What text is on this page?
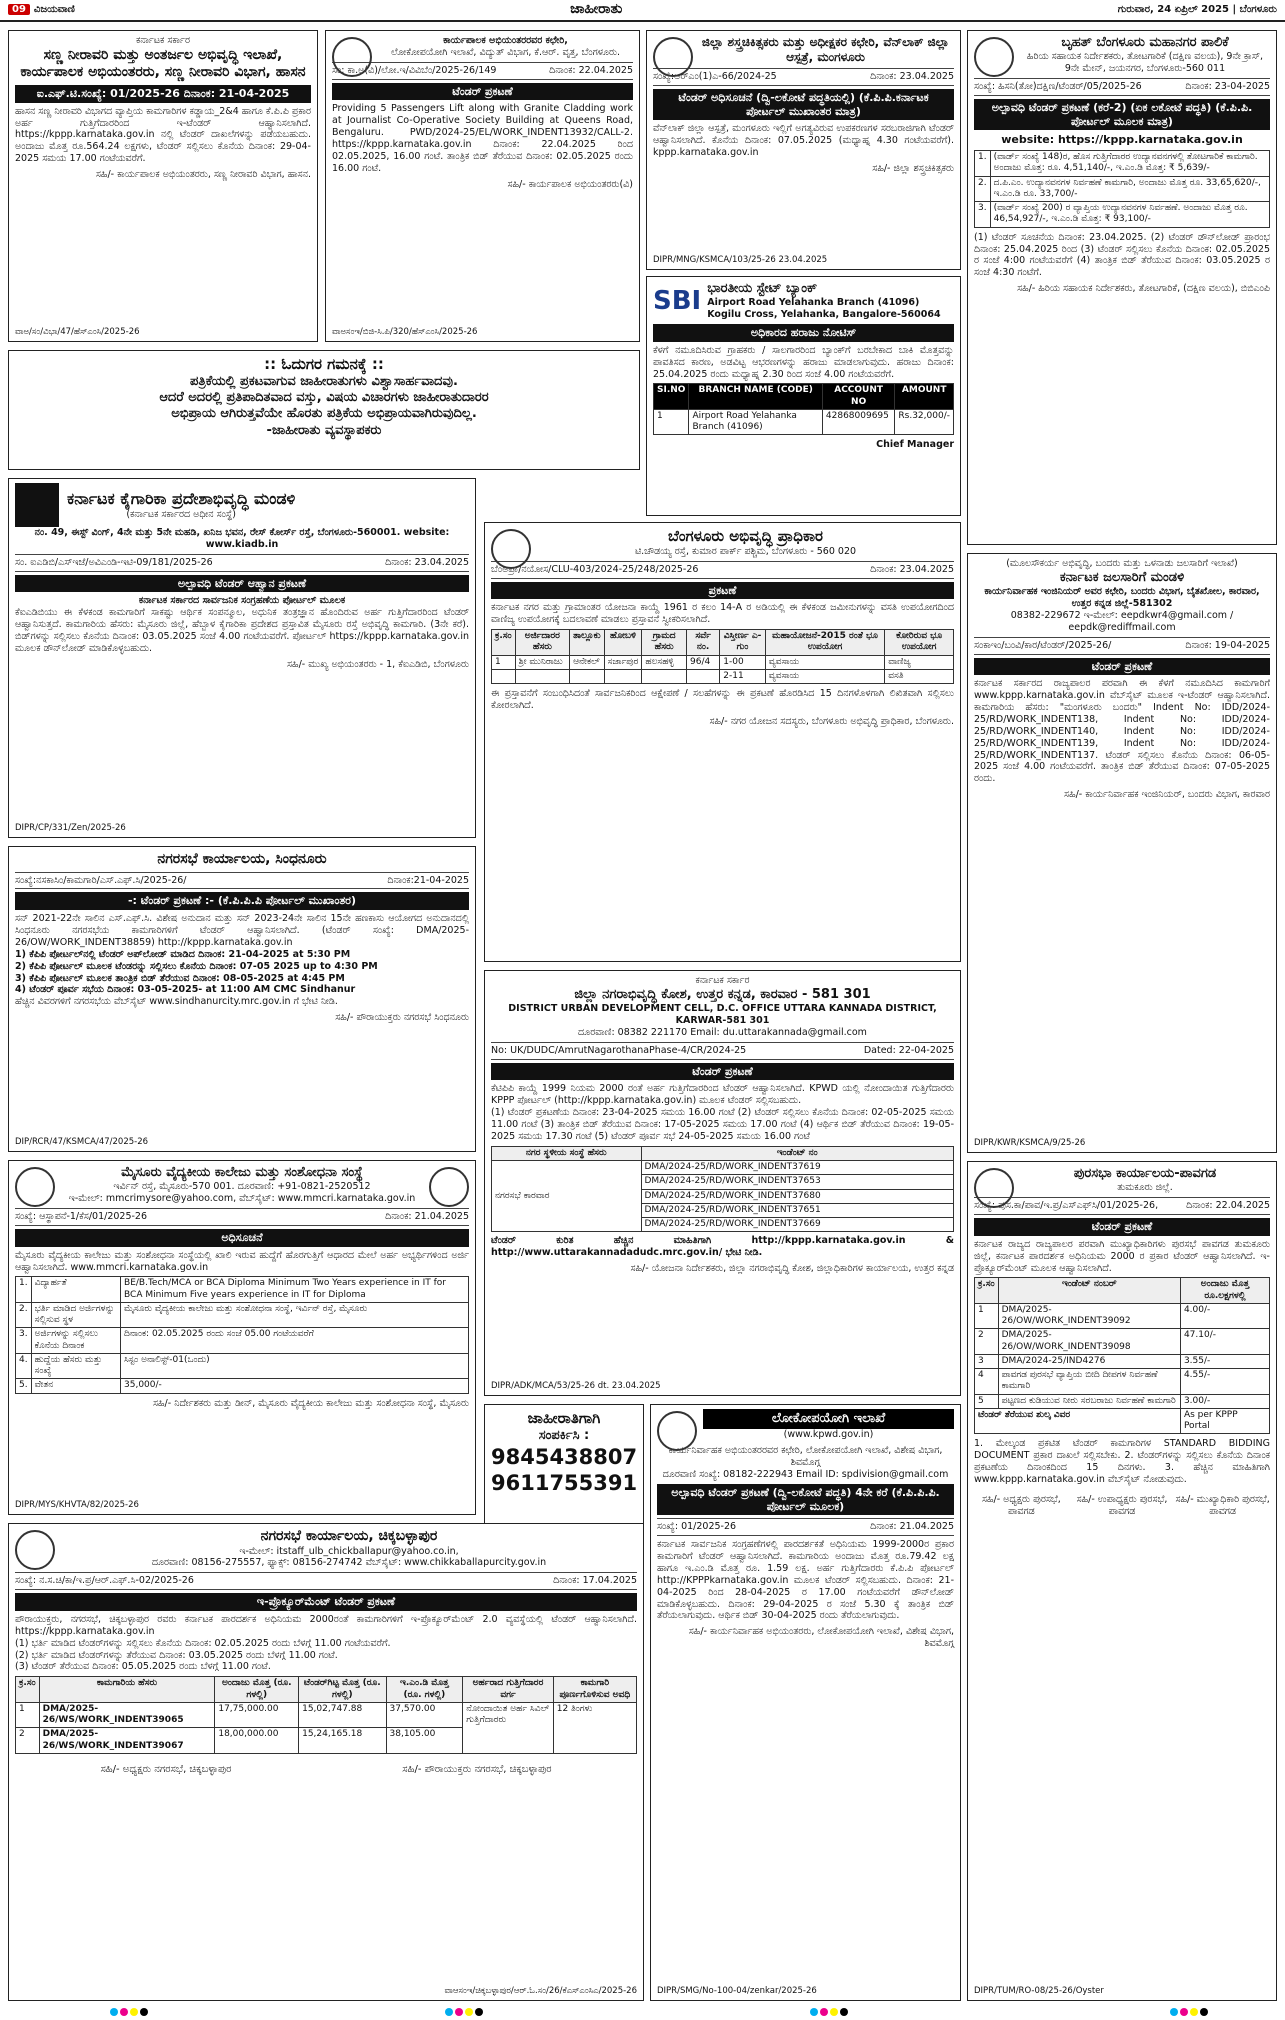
09 ವಿಜಯವಾಣಿ	ಜಾಹೀರಾತು	ಗುರುವಾರ, 24 ಏಪ್ರಿಲ್ 2025 | ಬೆಂಗಳೂರು
ಕರ್ನಾಟಕ ಸರ್ಕಾರ
ಸಣ್ಣ ನೀರಾವರಿ ಮತ್ತು ಅಂತರ್ಜಲ ಅಭಿವೃದ್ಧಿ ಇಲಾಖೆ, ಕಾರ್ಯಪಾಲಕ ಅಭಿಯಂತರರು, ಸಣ್ಣ ನೀರಾವರಿ ವಿಭಾಗ, ಹಾಸನ
ಐ.ಎಫ್.ಟಿ.ಸಂಖ್ಯೆ: 01/2025-26 ದಿನಾಂಕ: 21-04-2025
ಹಾಸನ ಸಣ್ಣ ನೀರಾವರಿ ವಿಭಾಗದ ವ್ಯಾಪ್ತಿಯ ಕಾಮಗಾರಿಗಳ ಕಡ್ಡಾಯ_2&4 ಹಾಗೂ ಕೆ.ಪಿ.ಪಿ ಪ್ರಕಾರ ಅರ್ಹ ಗುತ್ತಿಗೆದಾರರಿಂದ ಇ-ಟೆಂಡರ್ ಆಹ್ವಾನಿಸಲಾಗಿದೆ. https://kppp.karnataka.gov.in ನಲ್ಲಿ ಟೆಂಡರ್ ದಾಖಲೆಗಳನ್ನು ಪಡೆಯಬಹುದು. ಅಂದಾಜು ಮೊತ್ತ ರೂ.564.24 ಲಕ್ಷಗಳು, ಟೆಂಡರ್ ಸಲ್ಲಿಸಲು ಕೊನೆಯ ದಿನಾಂಕ: 29-04-2025 ಸಮಯ 17.00 ಗಂಟೆಯವರೆಗೆ.
ಸಹಿ/- ಕಾರ್ಯಪಾಲಕ ಅಭಿಯಂತರರು, ಸಣ್ಣ ನೀರಾವರಿ ವಿಭಾಗ, ಹಾಸನ.
ವಾಅ/ಸಂ/ವಿಭಾ/47/ಹೆಸ್‌ಎಂಸಿ/2025-26
ಕಾರ್ಯಪಾಲಕ ಅಭಿಯಂತರರವರ ಕಛೇರಿ,
ಲೋಕೋಪಯೋಗಿ ಇಲಾಖೆ, ವಿದ್ಯುತ್ ವಿಭಾಗ, ಕೆ.ಆರ್. ವೃತ್ತ, ಬೆಂಗಳೂರು.
ಸಂ: ಕಾ.ಅ(ವಿ)/ಲೋ.ಇ/ವಿವಿಬೆಂ/2025-26/149	ದಿನಾಂಕ: 22.04.2025
ಟೆಂಡರ್ ಪ್ರಕಟಣೆ
Providing 5 Passengers Lift along with Granite Cladding work at Journalist Co-Operative Society Building at Queens Road, Bengaluru. PWD/2024-25/EL/WORK_INDENT13932/CALL-2. https://kppp.karnataka.gov.in ದಿನಾಂಕ: 22.04.2025 ರಿಂದ 02.05.2025, 16.00 ಗಂಟೆ. ತಾಂತ್ರಿಕ ಬಿಡ್ ತೆರೆಯುವ ದಿನಾಂಕ: 02.05.2025 ರಂದು 16.00 ಗಂಟೆ.
ಸಹಿ/- ಕಾರ್ಯಪಾಲಕ ಅಭಿಯಂತರರು(ವಿ)
ವಾಅಸಂಇ/ಬಿಜಿ-ಸಿ.ಪಿ/320/ಹೆಸ್‌ಎಂಸಿ/2025-26
ಜಿಲ್ಲಾ ಶಸ್ತ್ರಚಿಕಿತ್ಸಕರು ಮತ್ತು ಅಧೀಕ್ಷಕರ ಕಛೇರಿ, ವೆನ್‌ಲಾಕ್ ಜಿಲ್ಲಾ ಆಸ್ಪತ್ರೆ, ಮಂಗಳೂರು
ಸಂಖ್ಯೆ:ಆರ್‌ಎಂ(1)ಎ-66/2024-25	ದಿನಾಂಕ: 23.04.2025
ಟೆಂಡರ್ ಅಧಿಸೂಚನೆ (ದ್ವಿ-ಲಕೋಟೆ ಪದ್ಧತಿಯಲ್ಲಿ) (ಕೆ.ಪಿ.ಪಿ.ಕರ್ನಾಟಕ ಪೋರ್ಟಲ್ ಮುಖಾಂತರ ಮಾತ್ರ)
ವೆನ್‌ಲಾಕ್ ಜಿಲ್ಲಾ ಆಸ್ಪತ್ರೆ, ಮಂಗಳೂರು ಇಲ್ಲಿಗೆ ಅಗತ್ಯವಿರುವ ಉಪಕರಣಗಳ ಸರಬರಾಜಿಗಾಗಿ ಟೆಂಡರ್ ಆಹ್ವಾನಿಸಲಾಗಿದೆ. ಕೊನೆಯ ದಿನಾಂಕ: 07.05.2025 (ಮಧ್ಯಾಹ್ನ 4.30 ಗಂಟೆಯವರೆಗೆ). kppp.karnataka.gov.in
ಸಹಿ/- ಜಿಲ್ಲಾ ಶಸ್ತ್ರಚಿಕಿತ್ಸಕರು
DIPR/MNG/KSMCA/103/25-26 23.04.2025
ಬೃಹತ್ ಬೆಂಗಳೂರು ಮಹಾನಗರ ಪಾಲಿಕೆ
ಹಿರಿಯ ಸಹಾಯಕ ನಿರ್ದೇಶಕರು, ತೋಟಗಾರಿಕೆ (ದಕ್ಷಿಣ ವಲಯ), 9ನೇ ಕ್ರಾಸ್, 9ನೇ ಮೇನ್, ಜಯನಗರ, ಬೆಂಗಳೂರು-560 011
ಸಂಖ್ಯೆ: ಹಿಸನಿ(ತೋ)ದಕ್ಷಿಣ/ಟೆಂಡರ್/05/2025-26	ದಿನಾಂಕ: 23-04-2025
ಅಲ್ಪಾವಧಿ ಟೆಂಡರ್ ಪ್ರಕಟಣೆ (ಕರೆ-2) (ಏಕ ಲಕೋಟೆ ಪದ್ಧತಿ) (ಕೆ.ಪಿ.ಪಿ. ಪೋರ್ಟಲ್ ಮೂಲಕ ಮಾತ್ರ)
website: https://kppp.karnataka.gov.in
1.	(ವಾರ್ಡ್ ಸಂಖ್ಯೆ 148)ರ, ಹೊಸ ಗುತ್ತಿಗೆದಾರರ ಉದ್ಯಾನವನಗಳಲ್ಲಿ ತೋಟಗಾರಿಕೆ ಕಾಮಗಾರಿ. ಅಂದಾಜು ಮೊತ್ತ: ರೂ. 4,51,140/-, ಇ.ಎಂ.ಡಿ ಮೊತ್ತ: ₹ 5,639/-
2.	ದ.ಪಿ.ಎಂ. ಉದ್ಯಾನವನಗಳ ನಿರ್ವಹಣೆ ಕಾಮಗಾರಿ, ಅಂದಾಜು ಮೊತ್ತ ರೂ. 33,65,620/-, ಇ.ಎಂ.ಡಿ ರೂ. 33,700/-
3.	(ವಾರ್ಡ್ ಸಂಖ್ಯೆ 200) ರ ವ್ಯಾಪ್ತಿಯ ಉದ್ಯಾನವನಗಳ ನಿರ್ವಹಣೆ. ಅಂದಾಜು ಮೊತ್ತ ರೂ. 46,54,927/-, ಇ.ಎಂ.ಡಿ ಮೊತ್ತ: ₹ 93,100/-
(1) ಟೆಂಡರ್ ಸೂಚನೆಯ ದಿನಾಂಕ: 23.04.2025. (2) ಟೆಂಡರ್ ಡೌನ್‌ಲೋಡ್ ಪ್ರಾರಂಭ ದಿನಾಂಕ: 25.04.2025 ರಿಂದ (3) ಟೆಂಡರ್ ಸಲ್ಲಿಸಲು ಕೊನೆಯ ದಿನಾಂಕ: 02.05.2025 ರ ಸಂಜೆ 4:00 ಗಂಟೆಯವರೆಗೆ (4) ತಾಂತ್ರಿಕ ಬಿಡ್ ತೆರೆಯುವ ದಿನಾಂಕ: 03.05.2025 ರ ಸಂಜೆ 4:30 ಗಂಟೆಗೆ.
ಸಹಿ/- ಹಿರಿಯ ಸಹಾಯಕ ನಿರ್ದೇಶಕರು, ತೋಟಗಾರಿಕೆ, (ದಕ್ಷಿಣ ವಲಯ), ಬಿಬಿಎಂಪಿ
SBI ಭಾರತೀಯ ಸ್ಟೇಟ್ ಬ್ಯಾಂಕ್
Airport Road Yelahanka Branch (41096)
Kogilu Cross, Yelahanka, Bangalore-560064
ಅಧಿಕಾರದ ಹರಾಜು ನೋಟಿಸ್
ಕೆಳಗೆ ನಮೂದಿಸಿರುವ ಗ್ರಾಹಕರು / ಸಾಲಗಾರರಿಂದ ಬ್ಯಾಂಕ್‌ಗೆ ಬರಬೇಕಾದ ಬಾಕಿ ಮೊತ್ತವನ್ನು ಪಾವತಿಸದ ಕಾರಣ, ಅಡವಿಟ್ಟ ಆಭರಣಗಳನ್ನು ಹರಾಜು ಮಾಡಲಾಗುವುದು. ಹರಾಜು ದಿನಾಂಕ: 25.04.2025 ರಂದು ಮಧ್ಯಾಹ್ನ 2.30 ರಿಂದ ಸಂಜೆ 4.00 ಗಂಟೆಯವರೆಗೆ.
SI.NO	BRANCH NAME (CODE)	ACCOUNT NO	AMOUNT
1	Airport Road Yelahanka Branch (41096)	42868009695	Rs.32,000/-
Chief Manager
:: ಓದುಗರ ಗಮನಕ್ಕೆ ::
ಪತ್ರಿಕೆಯಲ್ಲಿ ಪ್ರಕಟವಾಗುವ ಜಾಹೀರಾತುಗಳು ವಿಶ್ವಾಸಾರ್ಹವಾದವು.
ಆದರೆ ಅದರಲ್ಲಿ ಪ್ರತಿಪಾದಿತವಾದ ವಸ್ತು, ವಿಷಯ ವಿಚಾರಗಳು ಜಾಹೀರಾತುದಾರರ
ಅಭಿಪ್ರಾಯ ಆಗಿರುತ್ತವೆಯೇ ಹೊರತು ಪತ್ರಿಕೆಯ ಅಭಿಪ್ರಾಯವಾಗಿರುವುದಿಲ್ಲ.
-ಜಾಹೀರಾತು ವ್ಯವಸ್ಥಾಪಕರು
ಕರ್ನಾಟಕ ಕೈಗಾರಿಕಾ ಪ್ರದೇಶಾಭಿವೃದ್ಧಿ ಮಂಡಳಿ
(ಕರ್ನಾಟಕ ಸರ್ಕಾರದ ಅಧೀನ ಸಂಸ್ಥೆ)
ನಂ. 49, ಈಸ್ಟ್ ವಿಂಗ್, 4ನೇ ಮತ್ತು 5ನೇ ಮಹಡಿ, ಖನಿಜ ಭವನ, ರೇಸ್ ಕೋರ್ಸ್ ರಸ್ತೆ, ಬೆಂಗಳೂರು-560001. website: www.kiadb.in
ಸಂ. ಐಎಡಿಬಿ/ಎಸ್‌ಇಜೆ/ಅವಿಎಂಡಿ-ಇಟಿ-09/181/2025-26	ದಿನಾಂಕ: 23.04.2025
ಅಲ್ಪಾವಧಿ ಟೆಂಡರ್ ಆಹ್ವಾನ ಪ್ರಕಟಣೆ
ಕರ್ನಾಟಕ ಸರ್ಕಾರದ ಸಾರ್ವಜನಿಕ ಸಂಗ್ರಹಣೆಯ ಪೋರ್ಟಲ್ ಮೂಲಕ
ಕೆಐಎಡಿಬಿಯು ಈ ಕೆಳಕಂಡ ಕಾಮಗಾರಿಗೆ ಸಾಕಷ್ಟು ಆರ್ಥಿಕ ಸಂಪನ್ಮೂಲ, ಅಧುನಿಕ ತಂತ್ರಜ್ಞಾನ ಹೊಂದಿರುವ ಅರ್ಹ ಗುತ್ತಿಗೆದಾರರಿಂದ ಟೆಂಡರ್ ಆಹ್ವಾನಿಸುತ್ತದೆ. ಕಾಮಗಾರಿಯ ಹೆಸರು: ಮೈಸೂರು ಜಿಲ್ಲೆ, ಹೆಬ್ಬಾಳ ಕೈಗಾರಿಕಾ ಪ್ರದೇಶದ ಪ್ರಸ್ತಾವಿತ ಮೈಸೂರು ರಸ್ತೆ ಅಭಿವೃದ್ಧಿ ಕಾಮಗಾರಿ. (3ನೇ ಕರೆ). ಬಿಡ್‌ಗಳನ್ನು ಸಲ್ಲಿಸಲು ಕೊನೆಯ ದಿನಾಂಕ: 03.05.2025 ಸಂಜೆ 4.00 ಗಂಟೆಯವರೆಗೆ. ಪೋರ್ಟಲ್ https://kppp.karnataka.gov.in ಮೂಲಕ ಡೌನ್‌ಲೋಡ್ ಮಾಡಿಕೊಳ್ಳಬಹುದು.
ಸಹಿ/- ಮುಖ್ಯ ಅಭಿಯಂತರರು - 1, ಕೆಐಎಡಿಬಿ, ಬೆಂಗಳೂರು
DIPR/CP/331/Zen/2025-26
ಬೆಂಗಳೂರು ಅಭಿವೃದ್ಧಿ ಪ್ರಾಧಿಕಾರ
ಟಿ.ಚೌಡಯ್ಯ ರಸ್ತೆ, ಕುಮಾರ ಪಾರ್ಕ್ ಪಶ್ಚಿಮ, ಬೆಂಗಳೂರು - 560 020
ಬೆಂಅಪ್ರಾ/ನಯೋಸ/CLU-403/2024-25/248/2025-26	ದಿನಾಂಕ: 23.04.2025
ಪ್ರಕಟಣೆ
ಕರ್ನಾಟಕ ನಗರ ಮತ್ತು ಗ್ರಾಮಾಂತರ ಯೋಜನಾ ಕಾಯ್ದೆ 1961 ರ ಕಲಂ 14-A ರ ಅಡಿಯಲ್ಲಿ ಈ ಕೆಳಕಂಡ ಜಮೀನುಗಳನ್ನು ವಸತಿ ಉಪಯೋಗದಿಂದ ವಾಣಿಜ್ಯ ಉಪಯೋಗಕ್ಕೆ ಬದಲಾವಣೆ ಮಾಡಲು ಪ್ರಸ್ತಾವನೆ ಸ್ವೀಕರಿಸಲಾಗಿದೆ.
ಕ್ರ.ಸಂ	ಅರ್ಜಿದಾರರ ಹೆಸರು	ತಾಲ್ಲೂಕು	ಹೋಬಳಿ	ಗ್ರಾಮದ ಹೆಸರು	ಸರ್ವೆ ನಂ.	ವಿಸ್ತೀರ್ಣ ಎ-ಗುಂ	ಮಹಾಯೋಜನೆ-2015 ರಂತೆ ಭೂ ಉಪಯೋಗ	ಕೋರಿರುವ ಭೂ ಉಪಯೋಗ
1	ಶ್ರೀ ಮುನಿರಾಜು	ಆನೇಕಲ್	ಸರ್ಜಾಪುರ	ಹಲಸಹಳ್ಳಿ	96/4	1-00	ವ್ಯವಸಾಯ	ವಾಣಿಜ್ಯ
						2-11	ವ್ಯವಸಾಯ	ವಸತಿ
ಈ ಪ್ರಸ್ತಾವನೆಗೆ ಸಂಬಂಧಿಸಿದಂತೆ ಸಾರ್ವಜನಿಕರಿಂದ ಆಕ್ಷೇಪಣೆ / ಸಲಹೆಗಳನ್ನು ಈ ಪ್ರಕಟಣೆ ಹೊರಡಿಸಿದ 15 ದಿನಗಳೊಳಗಾಗಿ ಲಿಖಿತವಾಗಿ ಸಲ್ಲಿಸಲು ಕೋರಲಾಗಿದೆ.
ಸಹಿ/- ನಗರ ಯೋಜನ ಸದಸ್ಯರು, ಬೆಂಗಳೂರು ಅಭಿವೃದ್ಧಿ ಪ್ರಾಧಿಕಾರ, ಬೆಂಗಳೂರು.
(ಮೂಲಸೌಕರ್ಯ ಅಭಿವೃದ್ಧಿ, ಬಂದರು ಮತ್ತು ಒಳನಾಡು ಜಲಸಾರಿಗೆ ಇಲಾಖೆ)
ಕರ್ನಾಟಕ ಜಲಸಾರಿಗೆ ಮಂಡಳಿ
ಕಾರ್ಯನಿರ್ವಾಹಕ ಇಂಜಿನಿಯರ್ ಅವರ ಕಛೇರಿ, ಬಂದರು ವಿಭಾಗ, ಬೈತಖೋಲ, ಕಾರವಾರ, ಉತ್ತರ ಕನ್ನಡ ಜಿಲ್ಲೆ-581302
08382-229672 ಇ-ಮೇಲ್: eepdkwr4@gmail.com / eepdk@rediffmail.com
ಸಂಕಾಇಂ/ಬಂವಿ/ಕಾರ/ಟೆಂಡರ್/2025-26/	ದಿನಾಂಕ: 19-04-2025
ಟೆಂಡರ್ ಪ್ರಕಟಣೆ
ಕರ್ನಾಟಕ ಸರ್ಕಾರದ ರಾಜ್ಯಪಾಲರ ಪರವಾಗಿ ಈ ಕೆಳಗೆ ನಮೂದಿಸಿದ ಕಾಮಗಾರಿಗೆ www.kppp.karnataka.gov.in ವೆಬ್‌ಸೈಟ್ ಮೂಲಕ ಇ-ಟೆಂಡರ್ ಆಹ್ವಾನಿಸಲಾಗಿದೆ. ಕಾಮಗಾರಿಯ ಹೆಸರು: "ಮಂಗಳೂರು ಬಂದರು" Indent No: IDD/2024-25/RD/WORK_INDENT138, Indent No: IDD/2024-25/RD/WORK_INDENT140, Indent No: IDD/2024-25/RD/WORK_INDENT139, Indent No: IDD/2024-25/RD/WORK_INDENT137. ಟೆಂಡರ್ ಸಲ್ಲಿಸಲು ಕೊನೆಯ ದಿನಾಂಕ: 06-05-2025 ಸಂಜೆ 4.00 ಗಂಟೆಯವರೆಗೆ. ತಾಂತ್ರಿಕ ಬಿಡ್ ತೆರೆಯುವ ದಿನಾಂಕ: 07-05-2025 ರಂದು.
ಸಹಿ/- ಕಾರ್ಯನಿರ್ವಾಹಕ ಇಂಜಿನಿಯರ್, ಬಂದರು ವಿಭಾಗ, ಕಾರವಾರ
DIPR/KWR/KSMCA/9/25-26
ನಗರಸಭೆ ಕಾರ್ಯಾಲಯ, ಸಿಂಧನೂರು
ಸಂಖ್ಯೆ:ನಸಕಾಸಿಂ/ಕಾಮಗಾರಿ/ಎಸ್.ಎಫ್.ಸಿ/2025-26/	ದಿನಾಂಕ:21-04-2025
-: ಟೆಂಡರ್ ಪ್ರಕಟಣೆ :- (ಕೆ.ಪಿ.ಪಿ.ಪಿ ಪೋರ್ಟಲ್ ಮುಖಾಂತರ)
ಸನ್ 2021-22ನೇ ಸಾಲಿನ ಎಸ್.ಎಫ್.ಸಿ. ವಿಶೇಷ ಅನುದಾನ ಮತ್ತು ಸನ್ 2023-24ನೇ ಸಾಲಿನ 15ನೇ ಹಣಕಾಸು ಆಯೋಗದ ಅನುದಾನದಲ್ಲಿ ಸಿಂಧನೂರು ನಗರಸಭೆಯ ಕಾಮಗಾರಿಗಳಿಗೆ ಟೆಂಡರ್ ಆಹ್ವಾನಿಸಲಾಗಿದೆ. (ಟೆಂಡರ್ ಸಂಖ್ಯೆ: DMA/2025-26/OW/WORK_INDENT38859) http://kppp.karnataka.gov.in
1) ಕೆಪಿಪಿ ಪೋರ್ಟಲ್‌ನಲ್ಲಿ ಟೆಂಡರ್ ಅಪ್‌ಲೋಡ್ ಮಾಡಿದ ದಿನಾಂಕ: 21-04-2025 at 5:30 PM
2) ಕೆಪಿಪಿ ಪೋರ್ಟಲ್ ಮೂಲಕ ಟೆಂಡರನ್ನು ಸಲ್ಲಿಸಲು ಕೊನೆಯ ದಿನಾಂಕ: 07-05 2025 up to 4:30 PM
3) ಕೆಪಿಪಿ ಪೋರ್ಟಲ್ ಮೂಲಕ ತಾಂತ್ರಿಕ ಬಿಡ್ ತೆರೆಯುವ ದಿನಾಂಕ: 08-05-2025 at 4:45 PM
4) ಟೆಂಡರ್ ಪೂರ್ವ ಸಭೆಯ ದಿನಾಂಕ: 03-05-2025- at 11:00 AM CMC Sindhanur
ಹೆಚ್ಚಿನ ವಿವರಗಳಿಗೆ ನಗರಸಭೆಯ ವೆಬ್‌ಸೈಟ್ www.sindhanurcity.mrc.gov.in ಗೆ ಭೇಟಿ ನೀಡಿ.
ಸಹಿ/- ಪೌರಾಯುಕ್ತರು ನಗರಸಭೆ ಸಿಂಧನೂರು
DIP/RCR/47/KSMCA/47/2025-26
ಕರ್ನಾಟಕ ಸರ್ಕಾರ
ಜಿಲ್ಲಾ ನಗರಾಭಿವೃದ್ಧಿ ಕೋಶ, ಉತ್ತರ ಕನ್ನಡ, ಕಾರವಾರ - 581 301
DISTRICT URBAN DEVELOPMENT CELL, D.C. OFFICE UTTARA KANNADA DISTRICT, KARWAR-581 301
ದೂರವಾಣಿ: 08382 221170 Email: du.uttarakannada@gmail.com
No: UK/DUDC/AmrutNagarothanaPhase-4/CR/2024-25	Dated: 22-04-2025
ಟೆಂಡರ್ ಪ್ರಕಟಣೆ
ಕೆಟಿಪಿಪಿ ಕಾಯ್ದೆ 1999 ನಿಯಮ 2000 ರಂತೆ ಅರ್ಹ ಗುತ್ತಿಗೆದಾರರಿಂದ ಟೆಂಡರ್ ಆಹ್ವಾನಿಸಲಾಗಿದೆ. KPWD ಯಲ್ಲಿ ನೋಂದಾಯಿತ ಗುತ್ತಿಗೆದಾರರು KPPP ಪೋರ್ಟಲ್ (http://kppp.karnataka.gov.in) ಮೂಲಕ ಟೆಂಡರ್ ಸಲ್ಲಿಸಬಹುದು.
(1) ಟೆಂಡರ್ ಪ್ರಕಟಣೆಯ ದಿನಾಂಕ: 23-04-2025 ಸಮಯ 16.00 ಗಂಟೆ (2) ಟೆಂಡರ್ ಸಲ್ಲಿಸಲು ಕೊನೆಯ ದಿನಾಂಕ: 02-05-2025 ಸಮಯ 11.00 ಗಂಟೆ (3) ತಾಂತ್ರಿಕ ಬಿಡ್ ತೆರೆಯುವ ದಿನಾಂಕ: 17-05-2025 ಸಮಯ 17.00 ಗಂಟೆ (4) ಆರ್ಥಿಕ ಬಿಡ್ ತೆರೆಯುವ ದಿನಾಂಕ: 19-05-2025 ಸಮಯ 17.30 ಗಂಟೆ (5) ಟೆಂಡರ್ ಪೂರ್ವ ಸಭೆ 24-05-2025 ಸಮಯ 16.00 ಗಂಟೆ
ನಗರ ಸ್ಥಳೀಯ ಸಂಸ್ಥೆ ಹೆಸರು	ಇಂಡೆಂಟ್ ನಂ
ನಗರಸಭೆ ಕಾರವಾರ	DMA/2024-25/RD/WORK_INDENT37619
	DMA/2024-25/RD/WORK_INDENT37653
	DMA/2024-25/RD/WORK_INDENT37680
	DMA/2024-25/RD/WORK_INDENT37651
	DMA/2024-25/RD/WORK_INDENT37669
ಟೆಂಡರ್ ಕುರಿತ ಹೆಚ್ಚಿನ ಮಾಹಿತಿಗಾಗಿ http://kppp.karnataka.gov.in & http://www.uttarakannadadudc.mrc.gov.in/ ಭೇಟಿ ನೀಡಿ.
ಸಹಿ/- ಯೋಜನಾ ನಿರ್ದೇಶಕರು, ಜಿಲ್ಲಾ ನಗರಾಭಿವೃದ್ಧಿ ಕೋಶ, ಜಿಲ್ಲಾಧಿಕಾರಿಗಳ ಕಾರ್ಯಾಲಯ, ಉತ್ತರ ಕನ್ನಡ
DIPR/ADK/MCA/53/25-26 dt. 23.04.2025
ಮೈಸೂರು ವೈದ್ಯಕೀಯ ಕಾಲೇಜು ಮತ್ತು ಸಂಶೋಧನಾ ಸಂಸ್ಥೆ
ಇರ್ವಿನ್ ರಸ್ತೆ, ಮೈಸೂರು-570 001. ದೂರವಾಣಿ: +91-0821-2520512
ಇ-ಮೇಲ್: mmcrimysore@yahoo.com, ವೆಬ್‌ಸೈಟ್: www.mmcri.karnataka.gov.in
ಸಂಖ್ಯೆ: ಆಸ್ಥಾಪನೆ-1/ಕೆಸ/01/2025-26	ದಿನಾಂಕ: 21.04.2025
ಅಧಿಸೂಚನೆ
ಮೈಸೂರು ವೈದ್ಯಕೀಯ ಕಾಲೇಜು ಮತ್ತು ಸಂಶೋಧನಾ ಸಂಸ್ಥೆಯಲ್ಲಿ ಖಾಲಿ ಇರುವ ಹುದ್ದೆಗೆ ಹೊರಗುತ್ತಿಗೆ ಆಧಾರದ ಮೇಲೆ ಅರ್ಹ ಅಭ್ಯರ್ಥಿಗಳಿಂದ ಅರ್ಜಿ ಆಹ್ವಾನಿಸಲಾಗಿದೆ. www.mmcri.karnataka.gov.in
1.	ವಿದ್ಯಾರ್ಹತೆ	BE/B.Tech/MCA or BCA Diploma Minimum Two Years experience in IT for BCA Minimum Five years experience in IT for Diploma
2.	ಭರ್ತಿ ಮಾಡಿದ ಅರ್ಜಿಗಳನ್ನು ಸಲ್ಲಿಸುವ ಸ್ಥಳ	ಮೈಸೂರು ವೈದ್ಯಕೀಯ ಕಾಲೇಜು ಮತ್ತು ಸಂಶೋಧನಾ ಸಂಸ್ಥೆ, ಇರ್ವಿನ್ ರಸ್ತೆ, ಮೈಸೂರು
3.	ಅರ್ಜಿಗಳನ್ನು ಸಲ್ಲಿಸಲು ಕೊನೆಯ ದಿನಾಂಕ	ದಿನಾಂಕ: 02.05.2025 ರಂದು ಸಂಜೆ 05.00 ಗಂಟೆಯವರೆಗೆ
4.	ಹುದ್ದೆಯ ಹೆಸರು ಮತ್ತು ಸಂಖ್ಯೆ	ಸಿಸ್ಟಂ ಅನಾಲಿಸ್ಟ್-01(ಒಂದು)
5.	ವೇತನ	35,000/-
ಸಹಿ/- ನಿರ್ದೇಶಕರು ಮತ್ತು ಡೀನ್, ಮೈಸೂರು ವೈದ್ಯಕೀಯ ಕಾಲೇಜು ಮತ್ತು ಸಂಶೋಧನಾ ಸಂಸ್ಥೆ, ಮೈಸೂರು
DIPR/MYS/KHVTA/82/2025-26
ಪುರಸಭಾ ಕಾರ್ಯಾಲಯ-ಪಾವಗಡ
ತುಮಕೂರು ಜಿಲ್ಲೆ.
ಸಂಖ್ಯೆ: ಪುಸ.ಕಾ/ಪಾವ/ಇ.ಪ್ರ/ಎಸ್‌ಎಫ್‌ಸಿ/01/2025-26,	ದಿನಾಂಕ: 22.04.2025
ಟೆಂಡರ್ ಪ್ರಕಟಣೆ
ಕರ್ನಾಟಕ ರಾಜ್ಯದ ರಾಜ್ಯಪಾಲರ ಪರವಾಗಿ ಮುಖ್ಯಾಧಿಕಾರಿಗಳು ಪುರಸಭೆ ಪಾವಗಡ ತುಮಕೂರು ಜಿಲ್ಲೆ, ಕರ್ನಾಟಕ ಪಾರದರ್ಶಕ ಅಧಿನಿಯಮ 2000 ರ ಪ್ರಕಾರ ಟೆಂಡರ್ ಆಹ್ವಾನಿಸಲಾಗಿದೆ. ಇ-ಪ್ರೊಕ್ಯೂರ್‌ಮೆಂಟ್ ಮೂಲಕ ಆಹ್ವಾನಿಸಲಾಗಿದೆ.
ಕ್ರ.ಸಂ	ಇಂಡೆಂಟ್ ನಂಬರ್	ಅಂದಾಜು ಮೊತ್ತ ರೂ.ಲಕ್ಷಗಳಲ್ಲಿ
1	DMA/2025-26/OW/WORK_INDENT39092	4.00/-
2	DMA/2025-26/OW/WORK_INDENT39098	47.10/-
3	DMA/2024-25/IND4276	3.55/-
4	ಪಾವಗಡ ಪುರಸಭೆ ವ್ಯಾಪ್ತಿಯ ಬೀದಿ ದೀಪಗಳ ನಿರ್ವಹಣೆ ಕಾಮಗಾರಿ	4.55/-
5	ಪಟ್ಟಣದ ಕುಡಿಯುವ ನೀರು ಸರಬರಾಜು ನಿರ್ವಹಣೆ ಕಾಮಗಾರಿ	3.00/-
ಟೆಂಡರ್ ತೆರೆಯುವ ಶುಲ್ಕ ವಿವರ		As per KPPP Portal
1. ಮೇಲ್ಕಂಡ ಪ್ರಕಟಿತ ಟೆಂಡರ್ ಕಾಮಗಾರಿಗಳ STANDARD BIDDING DOCUMENT ಪ್ರಕಾರ ದಾಖಲೆ ಸಲ್ಲಿಸಬೇಕು. 2. ಟೆಂಡರ್‌ಗಳನ್ನು ಸಲ್ಲಿಸಲು ಕೊನೆಯ ದಿನಾಂಕ ಪ್ರಕಟಣೆಯ ದಿನಾಂಕದಿಂದ 15 ದಿನಗಳು. 3. ಹೆಚ್ಚಿನ ಮಾಹಿತಿಗಾಗಿ www.kppp.karnataka.gov.in ವೆಬ್‌ಸೈಟ್ ನೋಡುವುದು.
ಸಹಿ/- ಅಧ್ಯಕ್ಷರು ಪುರಸಭೆ, ಪಾವಗಡ
ಸಹಿ/- ಉಪಾಧ್ಯಕ್ಷರು ಪುರಸಭೆ, ಪಾವಗಡ
ಸಹಿ/- ಮುಖ್ಯಾಧಿಕಾರಿ ಪುರಸಭೆ, ಪಾವಗಡ
DIPR/TUM/RO-08/25-26/Oyster
ಜಾಹೀರಾತಿಗಾಗಿ
ಸಂಪರ್ಕಿಸಿ :
9845438807
9611755391
ಲೋಕೋಪಯೋಗಿ ಇಲಾಖೆ
(www.kpwd.gov.in)
ಕಾರ್ಯನಿರ್ವಾಹಕ ಅಭಿಯಂತರರವರ ಕಛೇರಿ, ಲೋಕೋಪಯೋಗಿ ಇಲಾಖೆ, ವಿಶೇಷ ವಿಭಾಗ, ಶಿವಮೊಗ್ಗ
ದೂರವಾಣಿ ಸಂಖ್ಯೆ: 08182-222943 Email ID: spdivision@gmail.com
ಅಲ್ಪಾವಧಿ ಟೆಂಡರ್ ಪ್ರಕಟಣೆ (ದ್ವಿ-ಲಕೋಟೆ ಪದ್ಧತಿ) 4ನೇ ಕರೆ (ಕೆ.ಪಿ.ಪಿ.ಪಿ. ಪೋರ್ಟಲ್ ಮೂಲಕ)
ಸಂಖ್ಯೆ: 01/2025-26	ದಿನಾಂಕ: 21.04.2025
ಕರ್ನಾಟಕ ಸಾರ್ವಜನಿಕ ಸಂಗ್ರಹಣೆಗಳಲ್ಲಿ ಪಾರದರ್ಶಕತೆ ಅಧಿನಿಯಮ 1999-2000ರ ಪ್ರಕಾರ ಕಾಮಗಾರಿಗೆ ಟೆಂಡರ್ ಆಹ್ವಾನಿಸಲಾಗಿದೆ. ಕಾಮಗಾರಿಯ ಅಂದಾಜು ಮೊತ್ತ ರೂ.79.42 ಲಕ್ಷ ಹಾಗೂ ಇ.ಎಂ.ಡಿ ಮೊತ್ತ ರೂ. 1.59 ಲಕ್ಷ. ಅರ್ಹ ಗುತ್ತಿಗೆದಾರರು ಕೆ.ಪಿ.ಪಿ ಪೋರ್ಟಲ್ http://KPPPkarnataka.gov.in ಮೂಲಕ ಟೆಂಡರ್ ಸಲ್ಲಿಸಬಹುದು. ದಿನಾಂಕ: 21-04-2025 ರಿಂದ 28-04-2025 ರ 17.00 ಗಂಟೆಯವರೆಗೆ ಡೌನ್‌ಲೋಡ್ ಮಾಡಿಕೊಳ್ಳಬಹುದು. ದಿನಾಂಕ: 29-04-2025 ರ ಸಂಜೆ 5.30 ಕ್ಕೆ ತಾಂತ್ರಿಕ ಬಿಡ್ ತೆರೆಯಲಾಗುವುದು. ಆರ್ಥಿಕ ಬಿಡ್ 30-04-2025 ರಂದು ತೆರೆಯಲಾಗುವುದು.
ಸಹಿ/- ಕಾರ್ಯನಿರ್ವಾಹಕ ಅಭಿಯಂತರರು, ಲೋಕೋಪಯೋಗಿ ಇಲಾಖೆ, ವಿಶೇಷ ವಿಭಾಗ, ಶಿವಮೊಗ್ಗ
DIPR/SMG/No-100-04/zenkar/2025-26
ನಗರಸಭೆ ಕಾರ್ಯಾಲಯ, ಚಿಕ್ಕಬಳ್ಳಾಪುರ
ಇ-ಮೇಲ್: itstaff_ulb_chickballapur@yahoo.co.in,
ದೂರವಾಣಿ: 08156-275557, ಫ್ಯಾಕ್ಸ್: 08156-274742 ವೆಬ್‌ಸೈಟ್: www.chikkaballapurcity.gov.in
ಸಂಖ್ಯೆ: ನ.ಸ.ಚಿ/ಕಾ/ಇ.ಪ್ರ/ಆರ್.ಎಫ್.ಸಿ-02/2025-26	ದಿನಾಂಕ: 17.04.2025
ಇ-ಪ್ರೊಕ್ಯೂರ್‌ಮೆಂಟ್ ಟೆಂಡರ್ ಪ್ರಕಟಣೆ
ಪೌರಾಯುಕ್ತರು, ನಗರಸಭೆ, ಚಿಕ್ಕಬಳ್ಳಾಪುರ ರವರು ಕರ್ನಾಟಕ ಪಾರದರ್ಶಕ ಅಧಿನಿಯಮ 2000ರಂತೆ ಕಾಮಗಾರಿಗಳಿಗೆ ಇ-ಪ್ರೊಕ್ಯೂರ್‌ಮೆಂಟ್ 2.0 ವ್ಯವಸ್ಥೆಯಲ್ಲಿ ಟೆಂಡರ್ ಆಹ್ವಾನಿಸಲಾಗಿದೆ. https://kppp.karnataka.gov.in
(1) ಭರ್ತಿ ಮಾಡಿದ ಟೆಂಡರ್‌ಗಳನ್ನು ಸಲ್ಲಿಸಲು ಕೊನೆಯ ದಿನಾಂಕ: 02.05.2025 ರಂದು ಬೆಳಗ್ಗೆ 11.00 ಗಂಟೆಯವರೆಗೆ.
(2) ಭರ್ತಿ ಮಾಡಿದ ಟೆಂಡರ್‌ಗಳನ್ನು ತೆರೆಯುವ ದಿನಾಂಕ: 03.05.2025 ರಂದು ಬೆಳಗ್ಗೆ 11.00 ಗಂಟೆ.
(3) ಟೆಂಡರ್ ತೆರೆಯುವ ದಿನಾಂಕ: 05.05.2025 ರಂದು ಬೆಳಗ್ಗೆ 11.00 ಗಂಟೆ.
ಕ್ರ.ಸಂ	ಕಾಮಗಾರಿಯ ಹೆಸರು	ಅಂದಾಜು ಮೊತ್ತ (ರೂ. ಗಳಲ್ಲಿ)	ಟೆಂಡರ್‌ಗಿಟ್ಟ ಮೊತ್ತ (ರೂ. ಗಳಲ್ಲಿ)	ಇ.ಎಂ.ಡಿ ಮೊತ್ತ (ರೂ. ಗಳಲ್ಲಿ)	ಅರ್ಹರಾದ ಗುತ್ತಿಗೆದಾರರ ವರ್ಗ	ಕಾಮಗಾರಿ ಪೂರ್ಣಗೊಳಿಸುವ ಅವಧಿ
1	DMA/2025-26/WS/WORK_INDENT39065	17,75,000.00	15,02,747.88	37,570.00	ನೋಂದಾಯಿತ ಅರ್ಹ ಸಿವಿಲ್ ಗುತ್ತಿಗೆದಾರರು	12 ತಿಂಗಳು
2	DMA/2025-26/WS/WORK_INDENT39067	18,00,000.00	15,24,165.18	38,105.00		
ಸಹಿ/- ಅಧ್ಯಕ್ಷರು ನಗರಸಭೆ, ಚಿಕ್ಕಬಳ್ಳಾಪುರ	ಸಹಿ/- ಪೌರಾಯುಕ್ತರು ನಗರಸಭೆ, ಚಿಕ್ಕಬಳ್ಳಾಪುರ
ವಾಆಸಂಇ/ಚಿಕ್ಕಬಳ್ಳಾಪುರ/ಆರ್.ಓ.ಸಂ/26/ಕೆಎಸ್‌ಎಂಸಿಎ/2025-26
